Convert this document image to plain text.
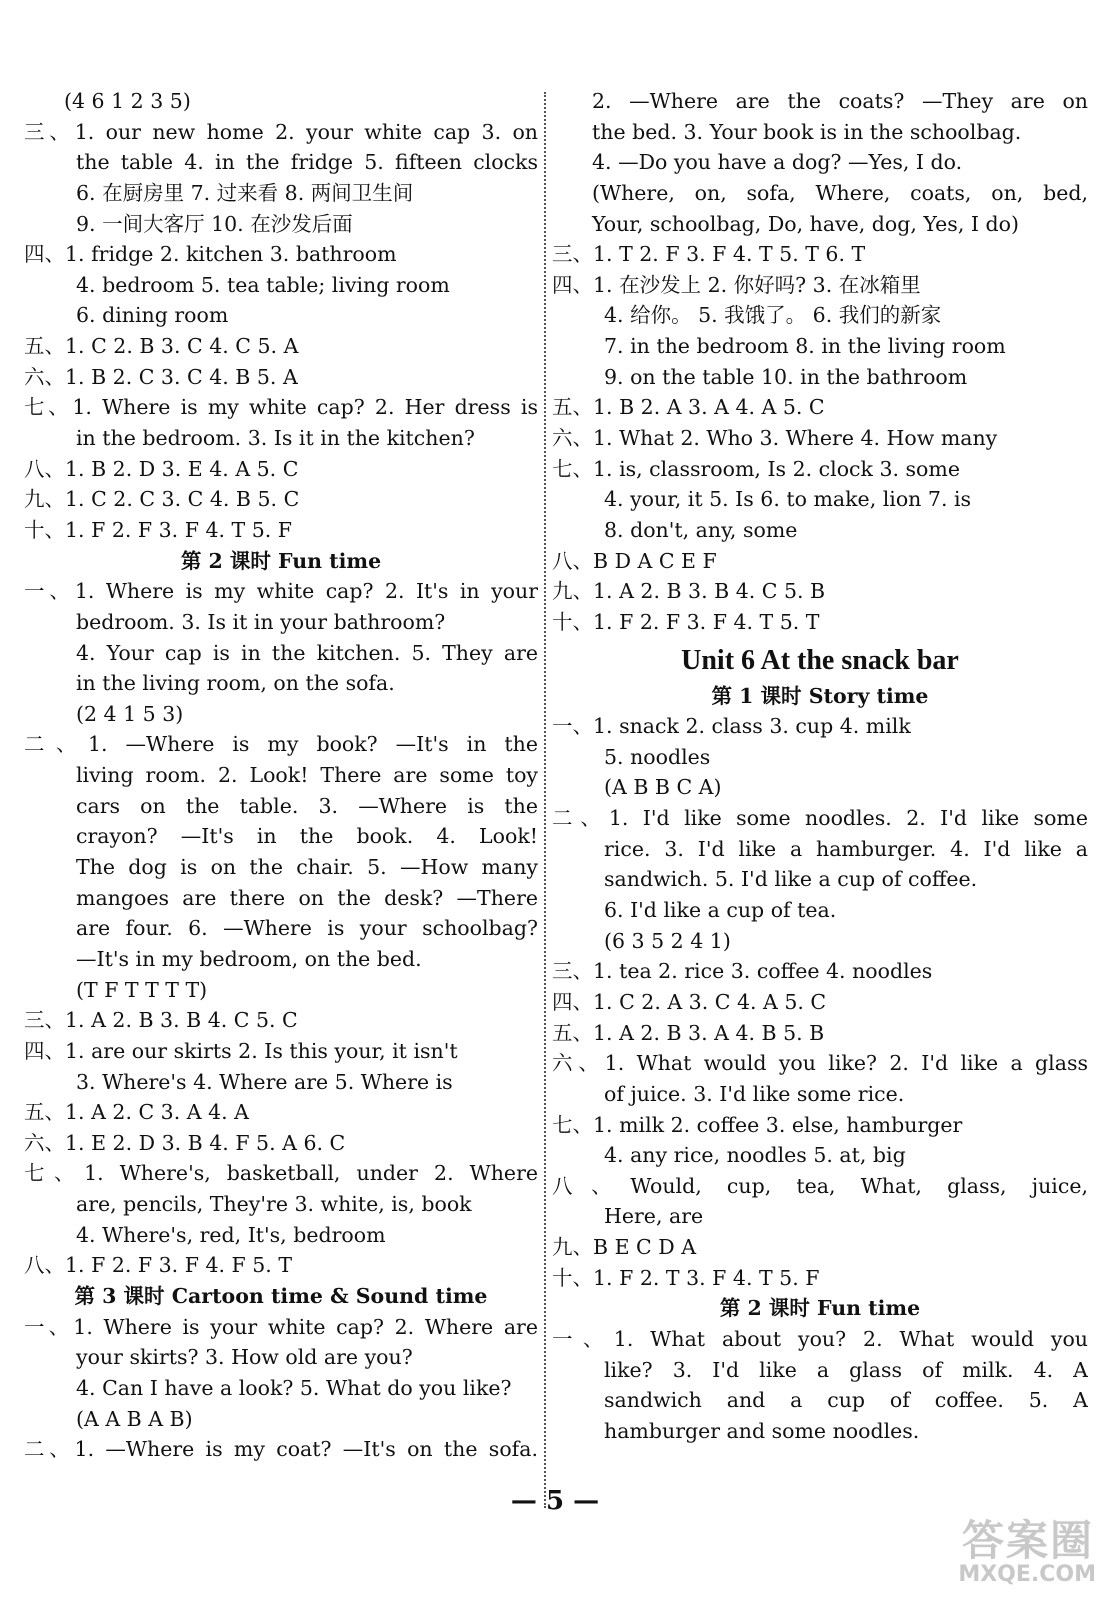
(4 6 1 2 3 5)
三、1. our new home 2. your white cap 3. on
the table 4. in the fridge 5. fifteen clocks
6. 在厨房里 7. 过来看 8. 两间卫生间
9. 一间大客厅 10. 在沙发后面
四、1. fridge 2. kitchen 3. bathroom
4. bedroom 5. tea table; living room
6. dining room
五、1. C 2. B 3. C 4. C 5. A
六、1. B 2. C 3. C 4. B 5. A
七、1. Where is my white cap? 2. Her dress is
in the bedroom. 3. Is it in the kitchen?
八、1. B 2. D 3. E 4. A 5. C
九、1. C 2. C 3. C 4. B 5. C
十、1. F 2. F 3. F 4. T 5. F
第 2 课时 Fun time
一、1. Where is my white cap? 2. It's in your
bedroom. 3. Is it in your bathroom?
4. Your cap is in the kitchen. 5. They are
in the living room, on the sofa.
(2 4 1 5 3)
二、1. —Where is my book? —It's in the
living room. 2. Look! There are some toy
cars on the table. 3. —Where is the
crayon? —It's in the book. 4. Look!
The dog is on the chair. 5. —How many
mangoes are there on the desk? —There
are four. 6. —Where is your schoolbag?
—It's in my bedroom, on the bed.
(T F T T T T)
三、1. A 2. B 3. B 4. C 5. C
四、1. are our skirts 2. Is this your, it isn't
3. Where's 4. Where are 5. Where is
五、1. A 2. C 3. A 4. A
六、1. E 2. D 3. B 4. F 5. A 6. C
七、1. Where's, basketball, under 2. Where
are, pencils, They're 3. white, is, book
4. Where's, red, It's, bedroom
八、1. F 2. F 3. F 4. F 5. T
第 3 课时 Cartoon time & Sound time
一、1. Where is your white cap? 2. Where are
your skirts? 3. How old are you?
4. Can I have a look? 5. What do you like?
(A A B A B)
二、1. —Where is my coat? —It's on the sofa.
2. —Where are the coats? —They are on
the bed. 3. Your book is in the schoolbag.
4. —Do you have a dog? —Yes, I do.
(Where, on, sofa, Where, coats, on, bed,
Your, schoolbag, Do, have, dog, Yes, I do)
三、1. T 2. F 3. F 4. T 5. T 6. T
四、1. 在沙发上 2. 你好吗? 3. 在冰箱里
4. 给你。 5. 我饿了。 6. 我们的新家
7. in the bedroom 8. in the living room
9. on the table 10. in the bathroom
五、1. B 2. A 3. A 4. A 5. C
六、1. What 2. Who 3. Where 4. How many
七、1. is, classroom, Is 2. clock 3. some
4. your, it 5. Is 6. to make, lion 7. is
8. don't, any, some
八、B D A C E F
九、1. A 2. B 3. B 4. C 5. B
十、1. F 2. F 3. F 4. T 5. T
Unit 6 At the snack bar
第 1 课时 Story time
一、1. snack 2. class 3. cup 4. milk
5. noodles
(A B B C A)
二、1. I'd like some noodles. 2. I'd like some
rice. 3. I'd like a hamburger. 4. I'd like a
sandwich. 5. I'd like a cup of coffee.
6. I'd like a cup of tea.
(6 3 5 2 4 1)
三、1. tea 2. rice 3. coffee 4. noodles
四、1. C 2. A 3. C 4. A 5. C
五、1. A 2. B 3. A 4. B 5. B
六、1. What would you like? 2. I'd like a glass
of juice. 3. I'd like some rice.
七、1. milk 2. coffee 3. else, hamburger
4. any rice, noodles 5. at, big
八、Would, cup, tea, What, glass, juice,
Here, are
九、B E C D A
十、1. F 2. T 3. F 4. T 5. F
第 2 课时 Fun time
一、1. What about you? 2. What would you
like? 3. I'd like a glass of milk. 4. A
sandwich and a cup of coffee. 5. A
hamburger and some noodles.
— 5 —
答案圈
MXQE.COM
